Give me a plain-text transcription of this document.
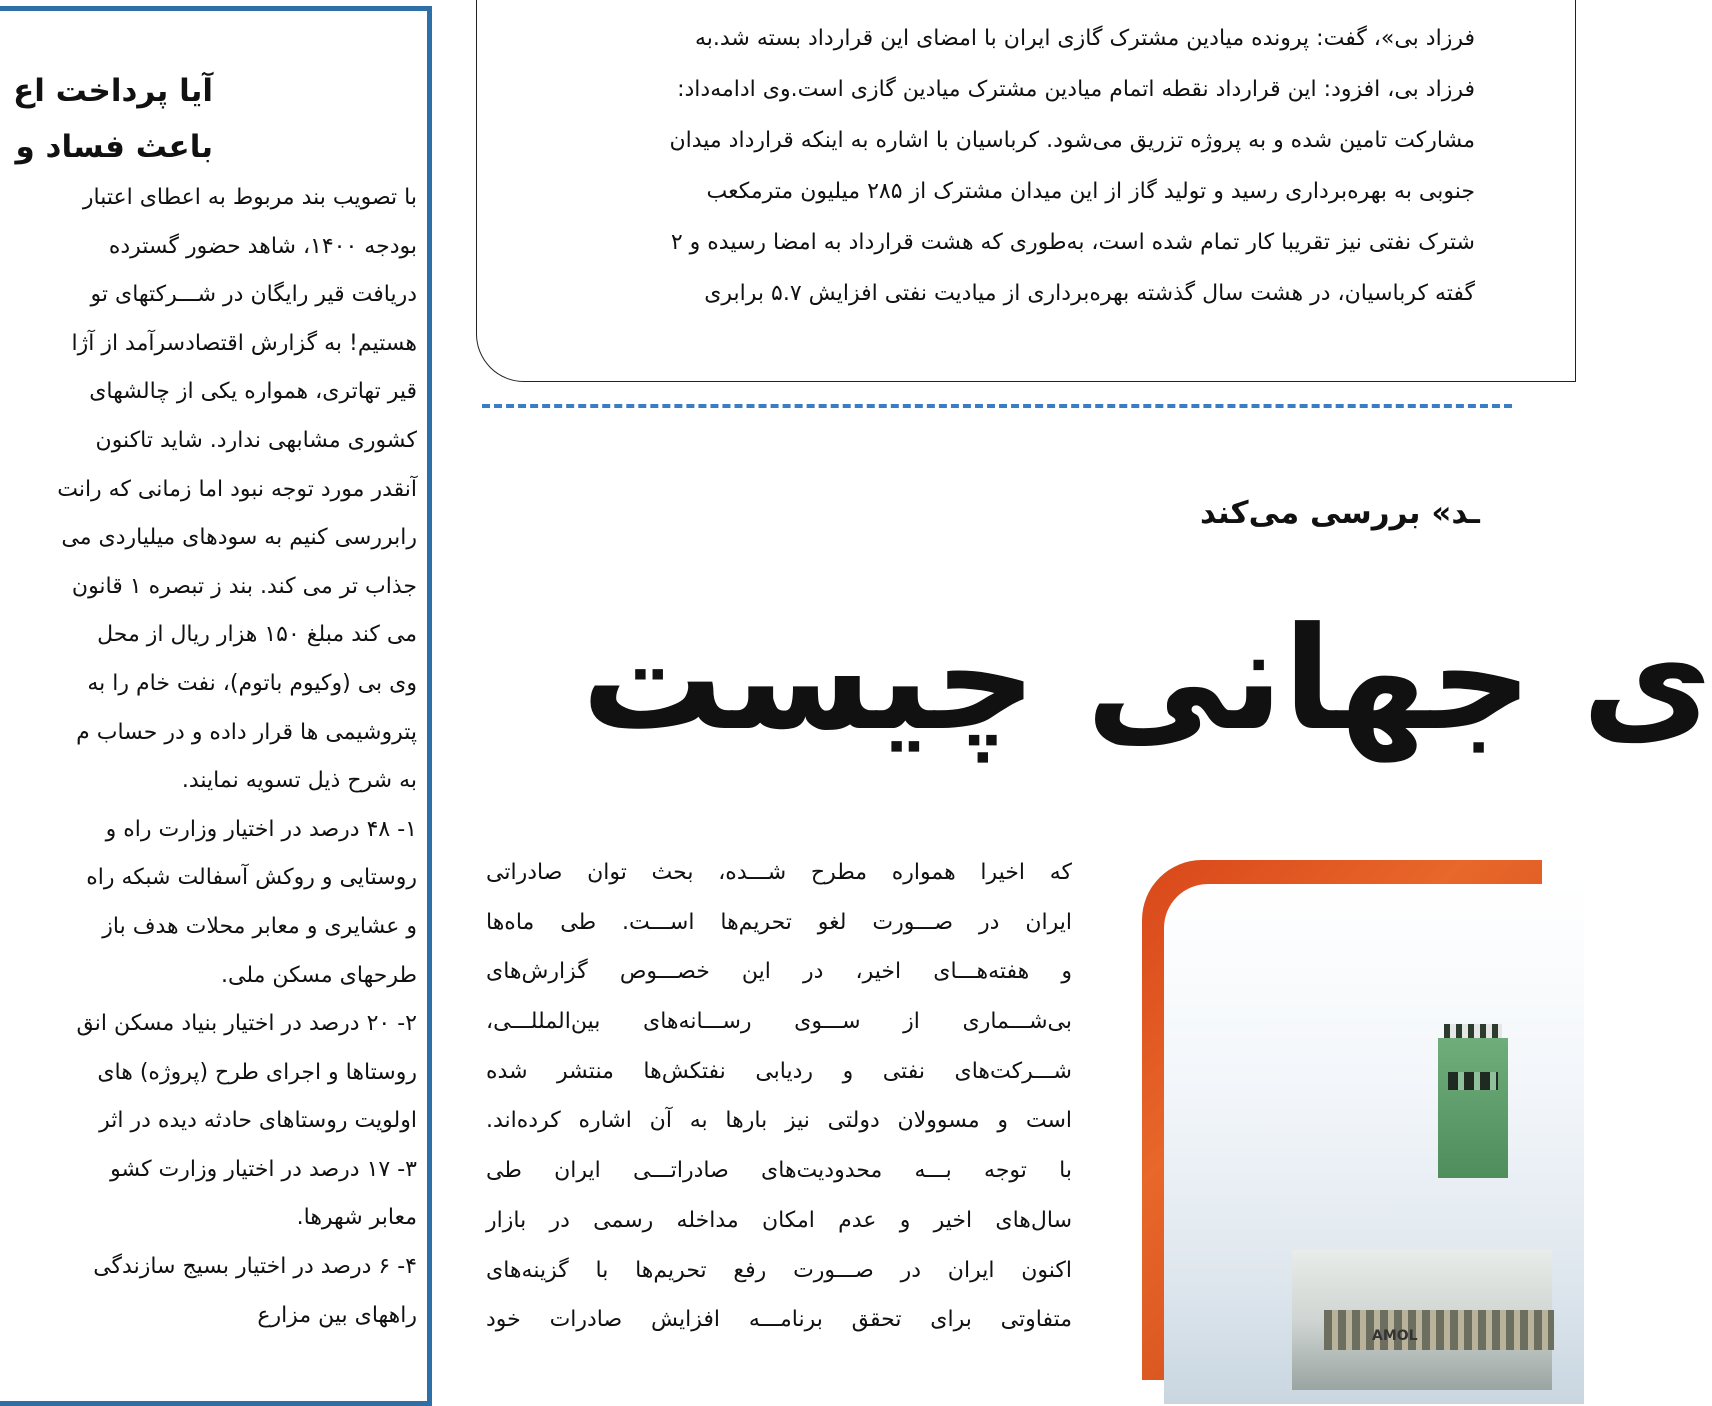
آیا پرداخت اع
باعث فساد و
با تصویب بند مربوط به اعطای اعتبار
بودجه ۱۴۰۰، شاهد حضور گسترده
دریافت قیر رایگان در شـــرکتهای تو
هستیم! به گزارش اقتصادسرآمد از آژا
قیر تهاتری، همواره یکی از چالشهای
کشوری مشابهی ندارد. شاید تاکنون
آنقدر مورد توجه نبود اما زمانی که رانت
رابررسی کنیم به سودهای میلیاردی می
جذاب تر می کند. بند ز تبصره ۱ قانون
می کند مبلغ ۱۵۰ هزار ریال از محل
وی بی (وکیوم باتوم)، نفت خام را به
پتروشیمی ها قرار داده و در حساب م
به شرح ذیل تسویه نمایند.
۱- ۴۸ درصد در اختیار وزارت راه و
روستایی و روکش آسفالت شبکه راه
و عشایری و معابر محلات هدف باز
طرحهای مسکن ملی.
۲- ۲۰ درصد در اختیار بنیاد مسکن انق
روستاها و اجرای طرح (پروژه) های
اولویت روستاهای حادثه دیده در اثر
۳- ۱۷ درصد در اختیار وزارت کشو
معابر شهرها.
۴- ۶ درصد در اختیار بسیج سازندگی
راههای بین مزارع
فرزاد بی»، گفت: پرونده میادین مشترک گازی ایران با امضای این قرارداد بسته شد.به
فرزاد بی، افزود: این قرارداد نقطه اتمام میادین مشترک میادین گازی است.وی ادامه‌داد:
مشارکت تامین شده و به پروژه تزریق می‌شود. کرباسیان با اشاره به اینکه قرارداد میدان
جنوبی به بهره‌برداری رسید و تولید گاز از این میدان مشترک از ۲۸۵ میلیون مترمکعب
شترک نفتی نیز تقریبا کار تمام شده است، به‌طوری که هشت قرارداد به امضا رسیده و ۲
گفته کرباسیان، در هشت سال گذشته بهره‌برداری از میادیت نفتی افزایش ۵.۷ برابری
ـد» بررسی می‌کند
ی جهانی چیست
که اخیرا همواره مطرح شـــده، بحث توان صادراتی
ایران در صـــورت لغو تحریم‌ها اســـت. طی ماه‌ها
و هفته‌هـــای اخیر، در این خصـــوص گزارش‌های
بی‌شـــماری از ســـوی رســـانه‌های بین‌المللـــی،
شـــرکت‌های نفتی و ردیابی نفتکش‌ها منتشر شده
است و مسوولان دولتی نیز بارها به آن اشاره کرده‌اند.
با توجه بـــه محدودیت‌های صادراتـــی ایران طی
سال‌های اخیر و عدم امکان مداخله رسمی در بازار
اکنون ایران در صـــورت رفع تحریم‌ها با گزینه‌های
متفاوتی برای تحقق برنامـــه افزایش صادرات خود
AMOL
